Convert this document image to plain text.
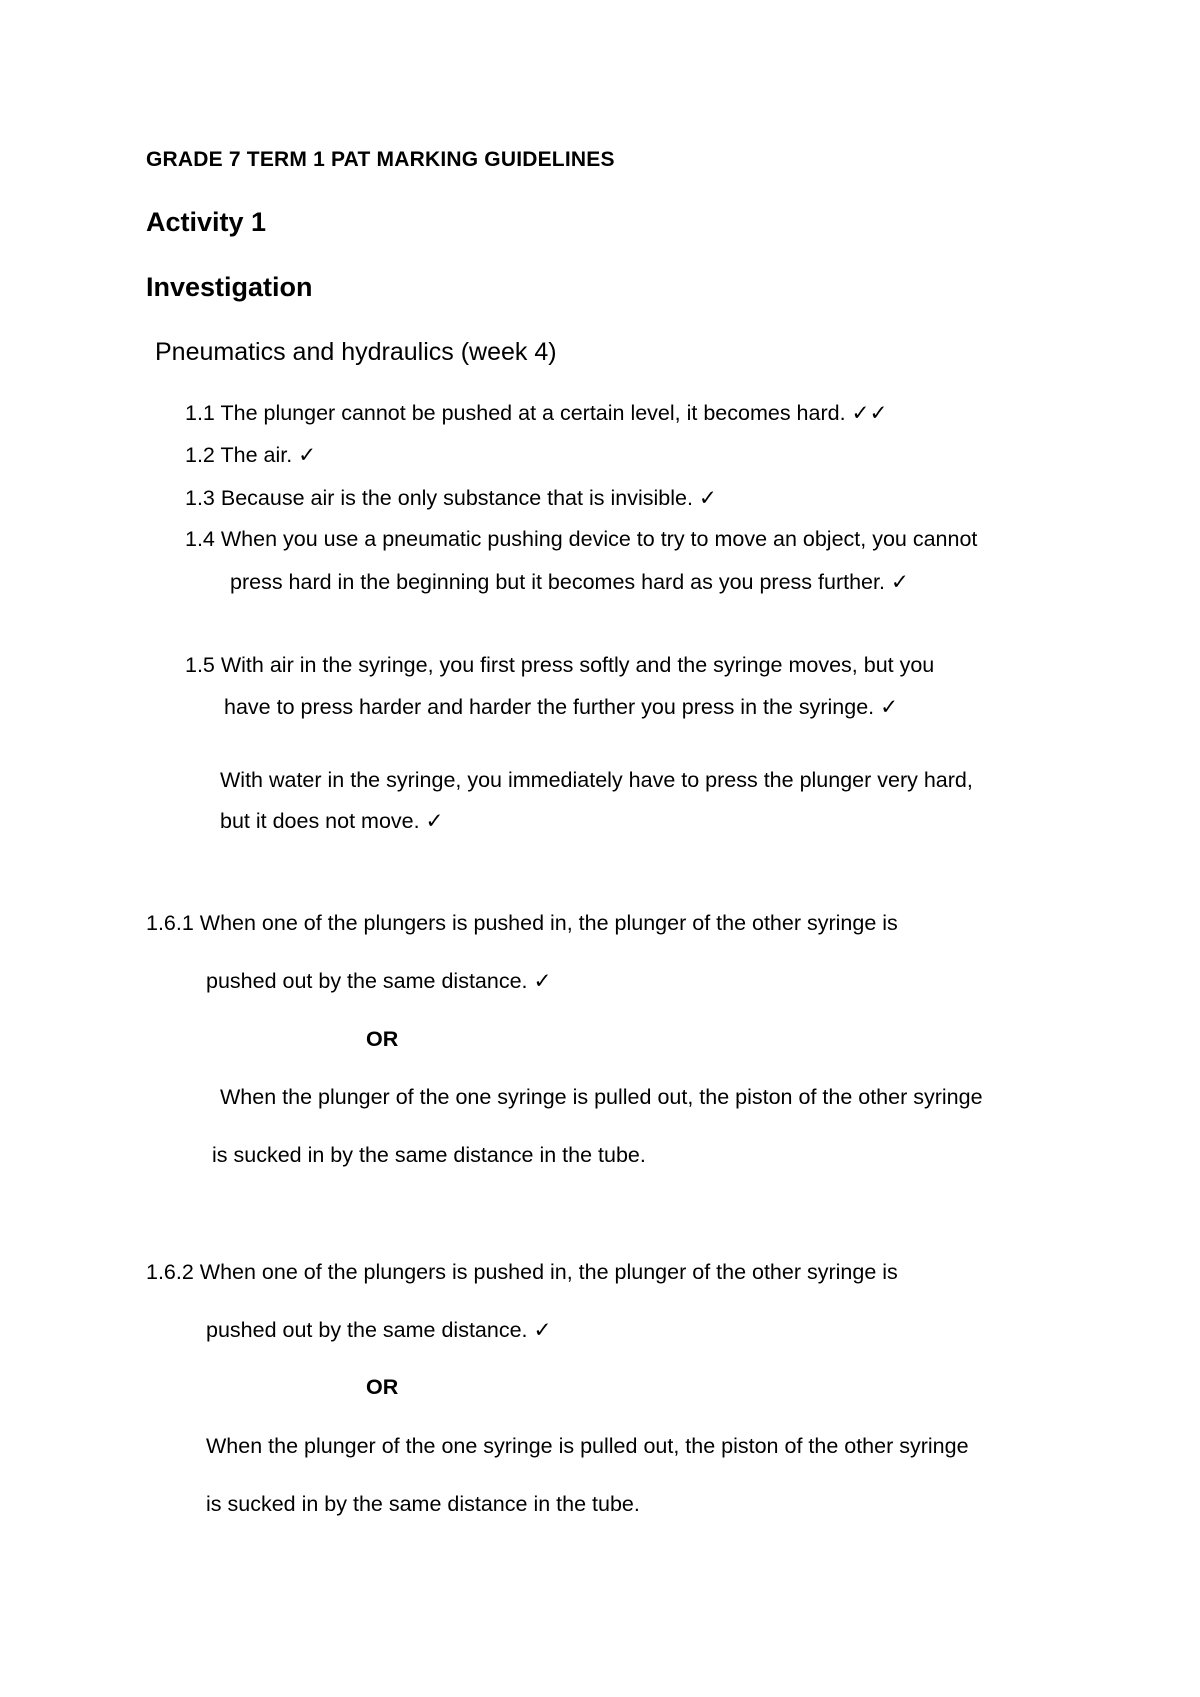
GRADE 7 TERM 1 PAT MARKING GUIDELINES
Activity 1
Investigation
Pneumatics and hydraulics (week 4)
1.1 The plunger cannot be pushed at a certain level, it becomes hard. ✓✓
1.2 The air. ✓
1.3 Because air is the only substance that is invisible. ✓
1.4 When you use a pneumatic pushing device to try to move an object, you cannot
press hard in the beginning but it becomes hard as you press further. ✓
1.5 With air in the syringe, you first press softly and the syringe moves, but you
have to press harder and harder the further you press in the syringe. ✓
With water in the syringe, you immediately have to press the plunger very hard,
but it does not move. ✓
1.6.1 When one of the plungers is pushed in, the plunger of the other syringe is
pushed out by the same distance. ✓
OR
When the plunger of the one syringe is pulled out, the piston of the other syringe
is sucked in by the same distance in the tube.
1.6.2 When one of the plungers is pushed in, the plunger of the other syringe is
pushed out by the same distance. ✓
OR
When the plunger of the one syringe is pulled out, the piston of the other syringe
is sucked in by the same distance in the tube.
